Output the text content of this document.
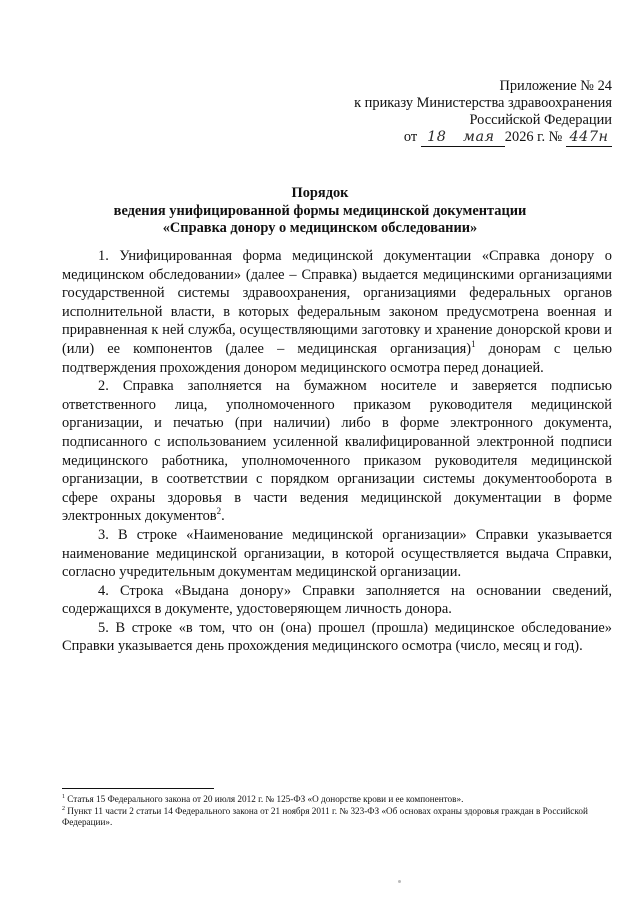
Приложение № 24
к приказу Министерства здравоохранения
Российской Федерации
от 18 мая 2026 г. № 447н
Порядок
ведения унифицированной формы медицинской документации
«Справка донору о медицинском обследовании»

1. Унифицированная форма медицинской документации «Справка донору о медицинском обследовании» (далее – Справка) выдается медицинскими организациями государственной системы здравоохранения, организациями федеральных органов исполнительной власти, в которых федеральным законом предусмотрена военная и приравненная к ней служба, осуществляющими заготовку и хранение донорской крови и (или) ее компонентов (далее – медицинская организация)$^1$ донорам с целью подтверждения прохождения донором медицинского осмотра перед донацией.

2. Справка заполняется на бумажном носителе и заверяется подписью ответственного лица, уполномоченного приказом руководителя медицинской организации, и печатью (при наличии) либо в форме электронного документа, подписанного с использованием усиленной квалифицированной электронной подписи медицинского работника, уполномоченного приказом руководителя медицинской организации, в соответствии с порядком организации системы документооборота в сфере охраны здоровья в части ведения медицинской документации в форме электронных документов$^2$.

3. В строке «Наименование медицинской организации» Справки указывается наименование медицинской организации, в которой осуществляется выдача Справки, согласно учредительным документам медицинской организации.

4. Строка «Выдана донору» Справки заполняется на основании сведений, содержащихся в документе, удостоверяющем личность донора.

5. В строке «в том, что он (она) прошел (прошла) медицинское обследование» Справки указывается день прохождения медицинского осмотра (число, месяц и год).

$^1$ Статья 15 Федерального закона от 20 июля 2012 г. № 125-ФЗ «О донорстве крови и ее компонентов».

$^2$ Пункт 11 части 2 статьи 14 Федерального закона от 21 ноября 2011 г. № 323-ФЗ «Об основах охраны здоровья граждан в Российской Федерации».
